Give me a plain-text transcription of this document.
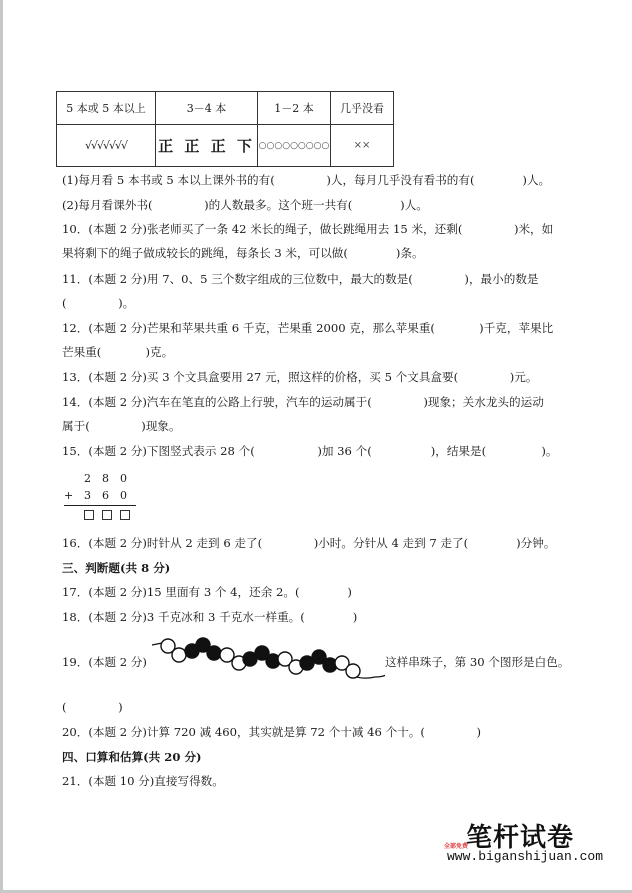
5 本或 5 本以上	3－4 本	1－2 本	几乎没看
√√√√√√√	正 正 正 下	○○○○○○○○○	××
(1)每月看 5 本书或 5 本以上课外书的有(              )人，每月几乎没有看书的有(             )人。
(2)每月看课外书(              )的人数最多。这个班一共有(             )人。
10．(本题 2 分)张老师买了一条 42 米长的绳子，做长跳绳用去 15 米，还剩(              )米，如
果将剩下的绳子做成较长的跳绳，每条长 3 米，可以做(             )条。
11．(本题 2 分)用 7、0、5 三个数字组成的三位数中，最大的数是(              )，最小的数是
(              )。
12．(本题 2 分)芒果和苹果共重 6 千克，芒果重 2000 克，那么苹果重(            )千克，苹果比
芒果重(            )克。
13．(本题 2 分)买 3 个文具盒要用 27 元，照这样的价格，买 5 个文具盒要(              )元。
14．(本题 2 分)汽车在笔直的公路上行驶，汽车的运动属于(              )现象；关水龙头的运动
属于(              )现象。
15．(本题 2 分)下图竖式表示 28 个(                 )加 36 个(                )，结果是(               )。
2 8 0
+ 3 6 0
16．(本题 2 分)时针从 2 走到 6 走了(              )小时。分针从 4 走到 7 走了(             )分钟。
三、判断题(共 8 分)
17．(本题 2 分)15 里面有 3 个 4，还余 2。(             )
18．(本题 2 分)3 千克冰和 3 千克水一样重。(             )
19．(本题 2 分)	这样串珠子，第 30 个图形是白色。
(              )
20．(本题 2 分)计算 720 减 460，其实就是算 72 个十减 46 个十。(              )
四、口算和估算(共 20 分)
21．(本题 10 分)直接写得数。
笔杆试卷
全部免费
www.biganshijuan.com
